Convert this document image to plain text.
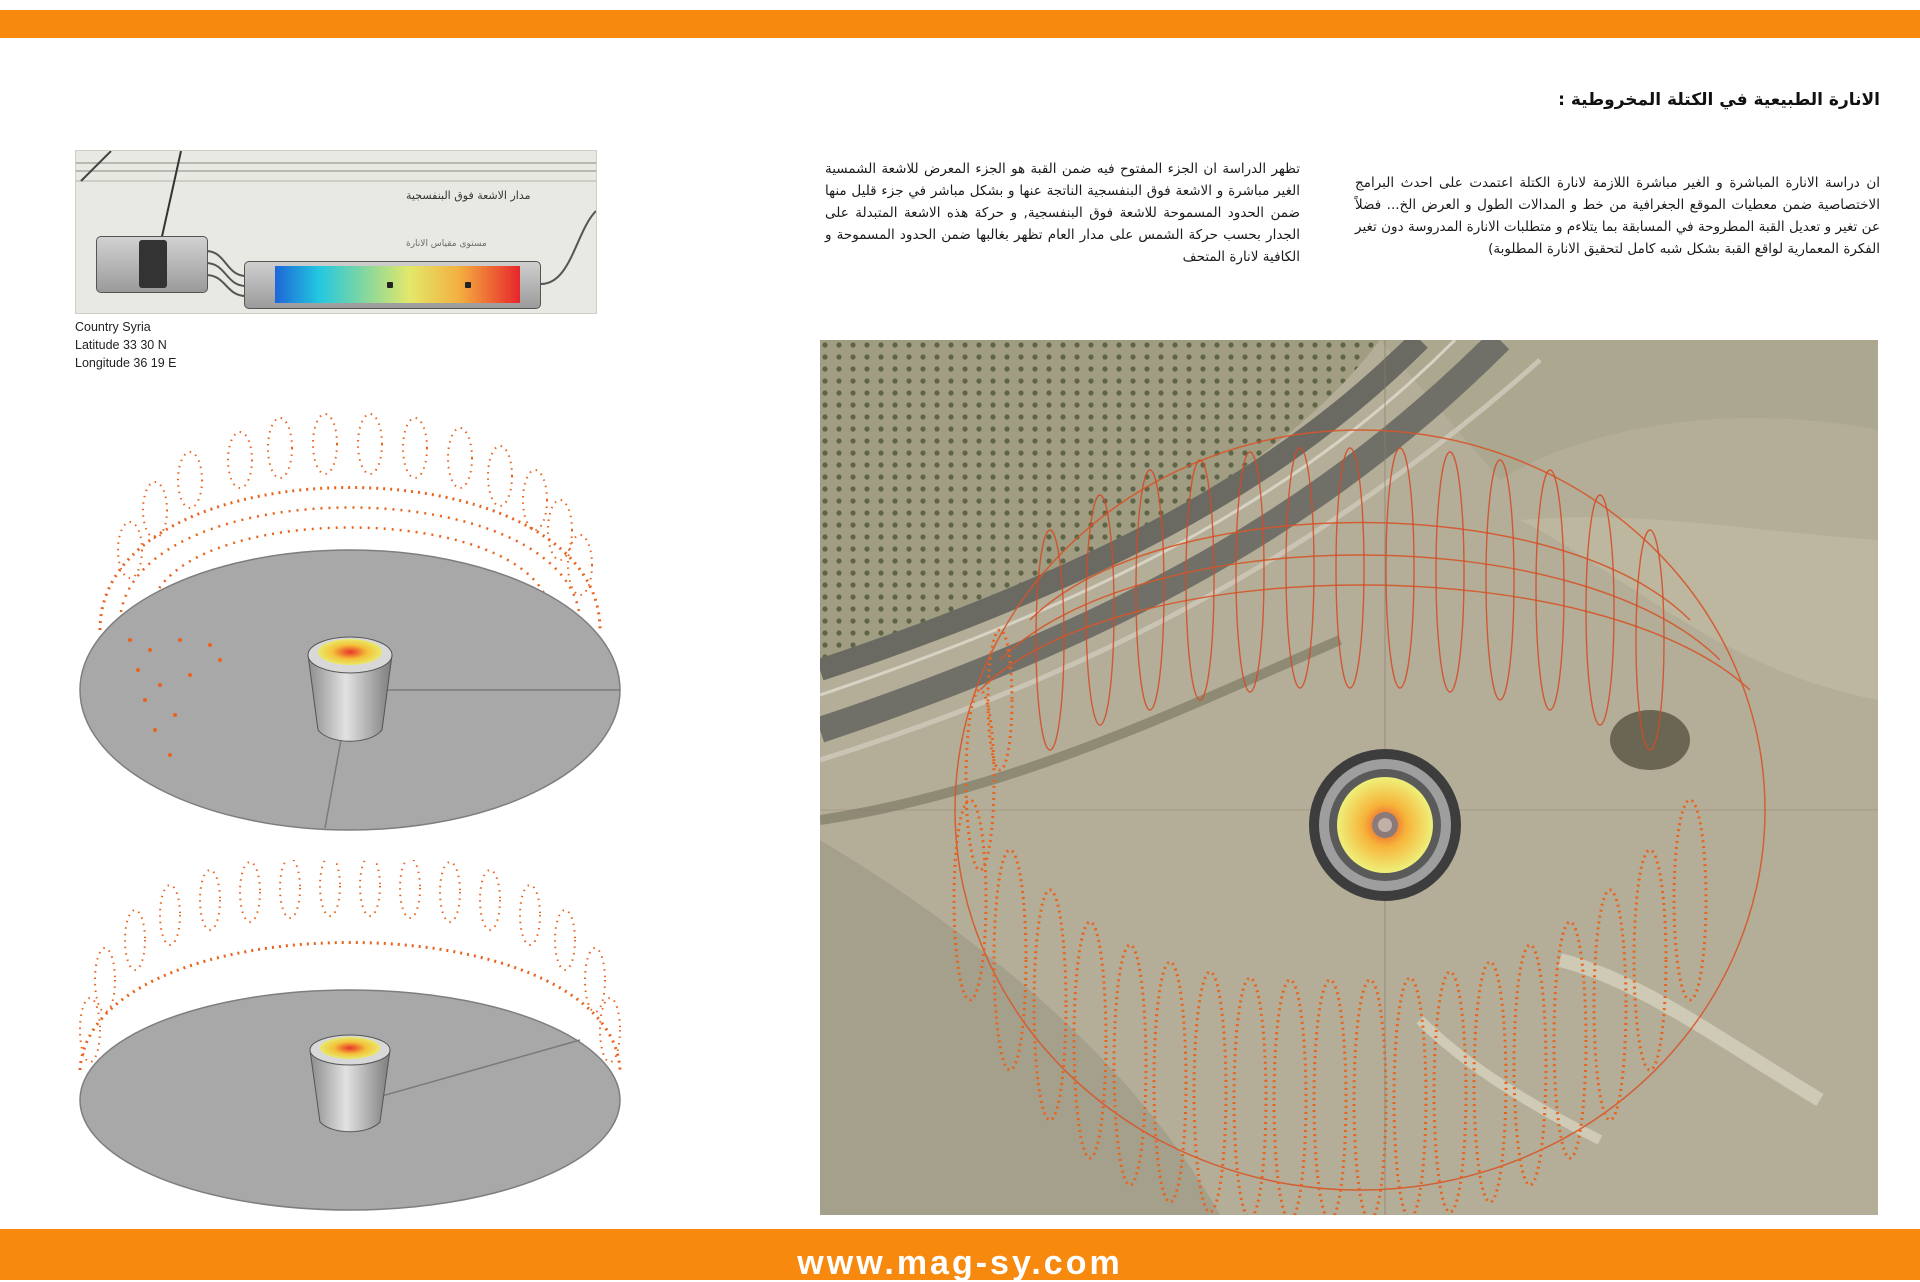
الانارة الطبيعية في الكتلة المخروطية :
ان دراسة الانارة المباشرة و الغير مباشرة اللازمة لانارة الكتلة اعتمدت على احدث البرامج الاختصاصية ضمن معطيات الموقع الجغرافية من خط و المدالات الطول و العرض الخ... فضلاً عن تغير و تعديل القبة المطروحة في المسابقة بما يتلاءم و متطلبات الانارة المدروسة دون تغير الفكرة المعمارية لواقع القبة بشكل شبه كامل لتحقيق الانارة المطلوبة)
تظهر الدراسة ان الجزء المفتوح فيه ضمن القبة هو الجزء المعرض للاشعة الشمسية الغير مباشرة و الاشعة فوق البنفسجية الناتجة عنها و بشكل مباشر في جزء قليل منها ضمن الحدود المسموحة للاشعة فوق البنفسجية, و حركة هذه الاشعة المتبدلة على الجدار بحسب حركة الشمس على مدار العام تظهر بغالبها ضمن الحدود المسموحة و الكافية لانارة المتحف
مدار الاشعة فوق البنفسجية
مستوى مقياس الانارة
Country Syria
Latitude 33 30 N
Longitude 36 19 E
www.mag-sy.com
